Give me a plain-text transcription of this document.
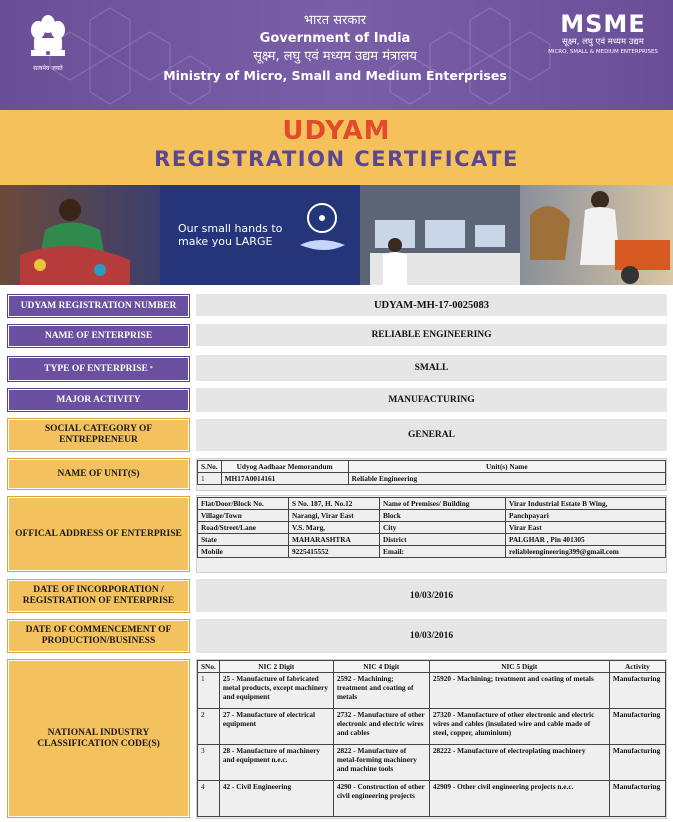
सत्यमेव जयते
भारत सरकार
Government of India
सूक्ष्म, लघु एवं मध्यम उद्यम मंत्रालय
Ministry of Micro, Small and Medium Enterprises
MSME
सूक्ष्म, लघु एवं मध्यम उद्यम
MICRO, SMALL & MEDIUM ENTERPRISES
UDYAM
REGISTRATION CERTIFICATE
Our small hands to
make you LARGE
UDYAM REGISTRATION NUMBER	UDYAM-MH-17-0025083
NAME OF ENTERPRISE	RELIABLE ENGINEERING
TYPE OF ENTERPRISE *	SMALL
MAJOR ACTIVITY	MANUFACTURING
SOCIAL CATEGORY OF ENTREPRENEUR	GENERAL
NAME OF UNIT(S)
S.No.	Udyog Aadhaar Memorandum	Unit(s) Name
1	MH17A0014161	Reliable Engineering
OFFICAL ADDRESS OF ENTERPRISE
Flat/Door/Block No.	S No. 187, H. No.12	Name of Premises/ Building	Virar Industrial Estate B Wing,
Village/Town	Narangi, Virar East	Block	Panchpayari
Road/Street/Lane	V.S. Marg,	City	Virar East
State	MAHARASHTRA	District	PALGHAR , Pin 401305
Mobile	9225415552	Email:	reliableengineering399@gmail.com
DATE OF INCORPORATION / REGISTRATION OF ENTERPRISE
10/03/2016
DATE OF COMMENCEMENT OF PRODUCTION/BUSINESS	10/03/2016
NATIONAL INDUSTRY CLASSIFICATION CODE(S)
SNo.	NIC 2 Digit	NIC 4 Digit	NIC 5 Digit	Activity
1	25 - Manufacture of fabricated metal products, except machinery and equipment	2592 - Machining; treatment and coating of metals	25920 - Machining; treatment and coating of metals	Manufacturing
2	27 - Manufacture of electrical equipment	2732 - Manufacture of other electronic and electric wires and cables	27320 - Manufacture of other electronic and electric wires and cables (insulated wire and cable made of steel, copper, aluminium)	Manufacturing
3	28 - Manufacture of machinery and equipment n.e.c.	2822 - Manufacture of metal-forming machinery and machine tools	28222 - Manufacture of electroplating machinery	Manufacturing
4	42 - Civil Engineering	4290 - Construction of other civil engineering projects	42909 - Other civil engineering projects n.e.c.	Manufacturing
